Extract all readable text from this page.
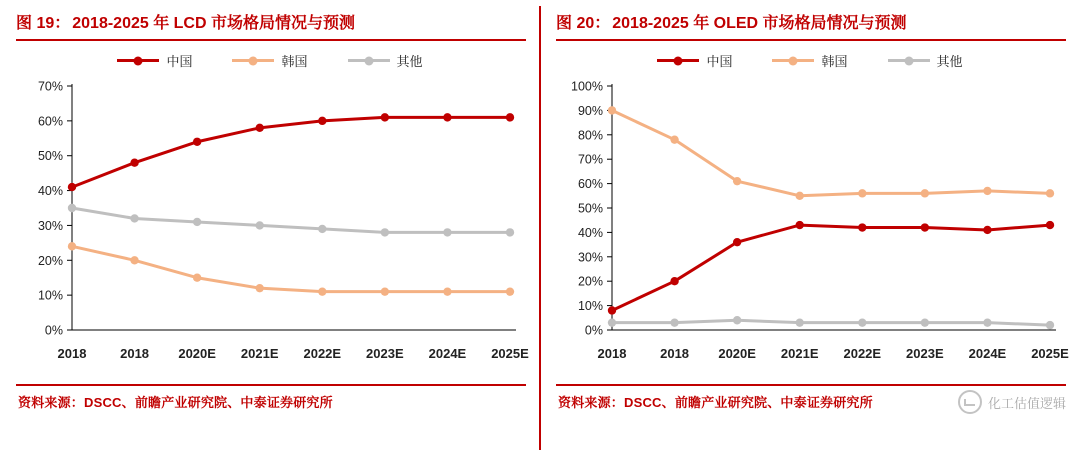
图 19： 2018-2025 年 LCD 市场格局情况与预测
中国	韩国	其他
0%
10%
20%
30%
40%
50%
60%
70%
2018	2018 2020E 2021E 2022E 2023E 2024E 2025E
资料来源：DSCC、前瞻产业研究院、中泰证券研究所
图 20： 2018-2025 年 OLED 市场格局情况与预测
中国	韩国	其他
0%
10%
20%
30%
40%
50%
60%
70%
80%
90%
100%
2018	2018 2020E 2021E 2022E 2023E 2024E 2025E
资料来源：DSCC、前瞻产业研究院、中泰证券研究所	化工估值逻辑
